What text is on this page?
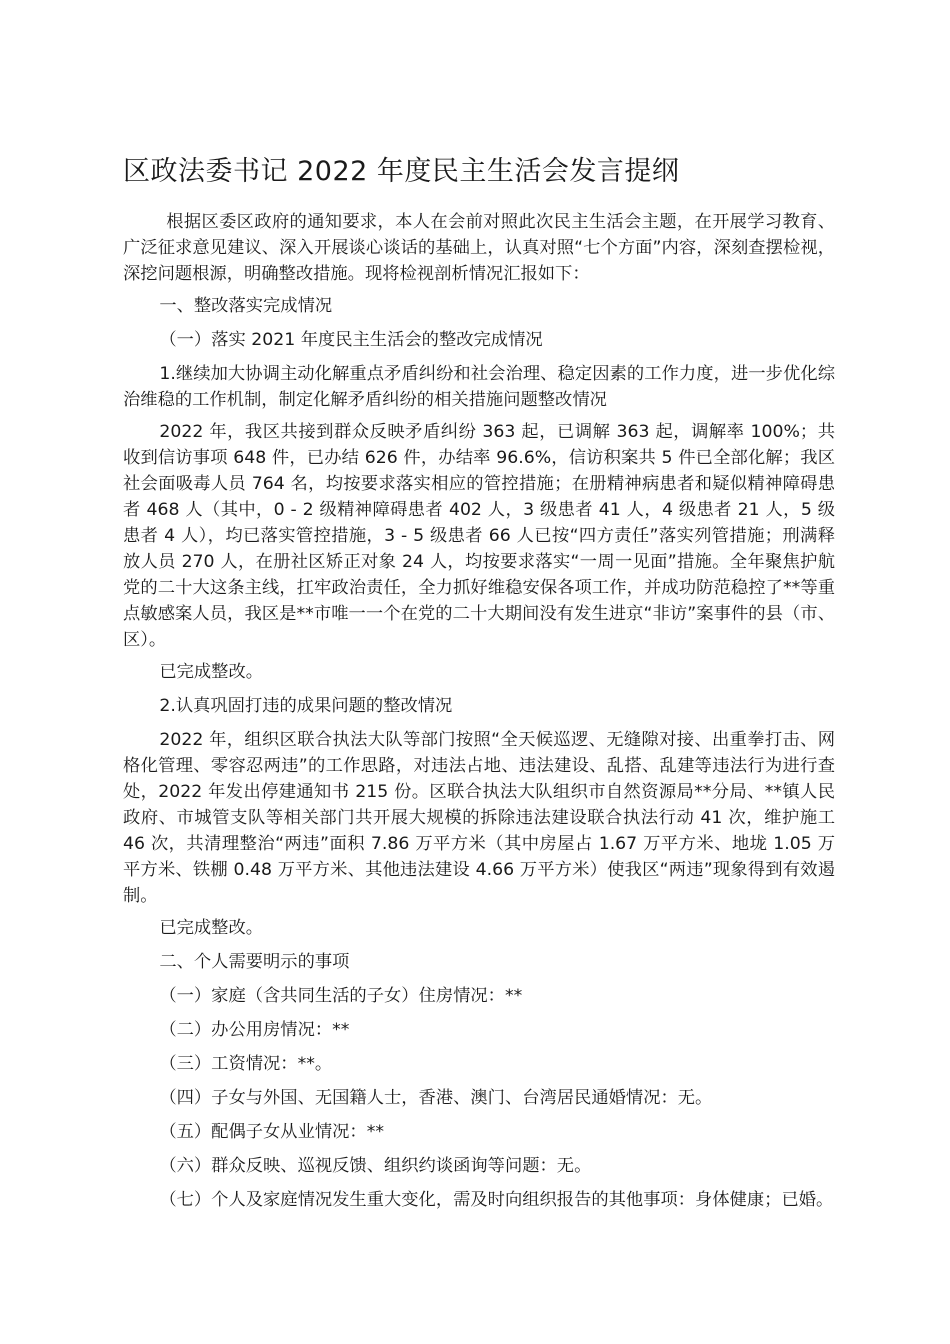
区政法委书记 2022 年度民主生活会发言提纲

根据区委区政府的通知要求，本人在会前对照此次民主生活会主题，在开展学习教育、广泛征求意见建议、深入开展谈心谈话的基础上，认真对照“七个方面”内容，深刻查摆检视，深挖问题根源，明确整改措施。现将检视剖析情况汇报如下：

一、整改落实完成情况

（一）落实 2021 年度民主生活会的整改完成情况

1.继续加大协调主动化解重点矛盾纠纷和社会治理、稳定因素的工作力度，进一步优化综治维稳的工作机制，制定化解矛盾纠纷的相关措施问题整改情况

2022 年，我区共接到群众反映矛盾纠纷 363 起，已调解 363 起，调解率 100%；共收到信访事项 648 件，已办结 626 件，办结率 96.6%，信访积案共 5 件已全部化解；我区社会面吸毒人员 764 名，均按要求落实相应的管控措施；在册精神病患者和疑似精神障碍患者 468 人（其中，0 - 2 级精神障碍患者 402 人，3 级患者 41 人，4 级患者 21 人，5 级患者 4 人），均已落实管控措施，3 - 5 级患者 66 人已按“四方责任”落实列管措施；刑满释放人员 270 人，在册社区矫正对象 24 人，均按要求落实“一周一见面”措施。全年聚焦护航党的二十大这条主线，扛牢政治责任，全力抓好维稳安保各项工作，并成功防范稳控了**等重点敏感案人员，我区是**市唯一一个在党的二十大期间没有发生进京“非访”案事件的县（市、区）。

已完成整改。

2.认真巩固打违的成果问题的整改情况

2022 年，组织区联合执法大队等部门按照“全天候巡逻、无缝隙对接、出重拳打击、网格化管理、零容忍两违”的工作思路，对违法占地、违法建设、乱搭、乱建等违法行为进行查处，2022 年发出停建通知书 215 份。区联合执法大队组织市自然资源局**分局、**镇人民政府、市城管支队等相关部门共开展大规模的拆除违法建设联合执法行动 41 次，维护施工 46 次，共清理整治“两违”面积 7.86 万平方米（其中房屋占 1.67 万平方米、地垅 1.05 万平方米、铁棚 0.48 万平方米、其他违法建设 4.66 万平方米）使我区“两违”现象得到有效遏制。

已完成整改。

二、个人需要明示的事项

（一）家庭（含共同生活的子女）住房情况：**

（二）办公用房情况：**

（三）工资情况：**。

（四）子女与外国、无国籍人士，香港、澳门、台湾居民通婚情况：无。

（五）配偶子女从业情况：**

（六）群众反映、巡视反馈、组织约谈函询等问题：无。

（七）个人及家庭情况发生重大变化，需及时向组织报告的其他事项：身体健康；已婚。
